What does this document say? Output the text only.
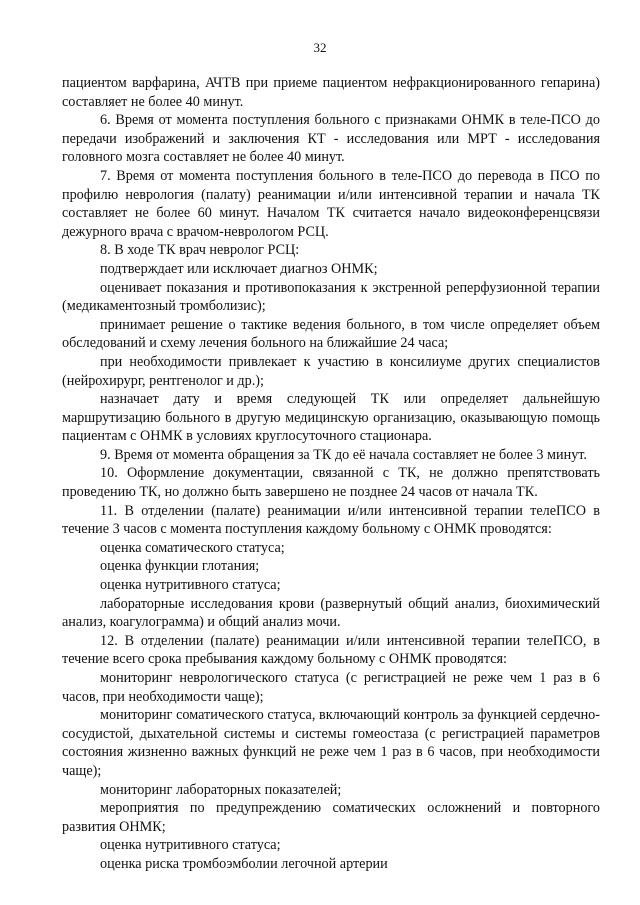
32

пациентом варфарина, АЧТВ при приеме пациентом нефракционированного гепарина) составляет не более 40 минут.

6. Время от момента поступления больного с признаками ОНМК в теле-ПСО до передачи изображений и заключения КТ - исследования или МРТ - исследования головного мозга составляет не более 40 минут.

7. Время от момента поступления больного в теле-ПСО до перевода в ПСО по профилю неврология (палату) реанимации и/или интенсивной терапии и начала ТК составляет не более 60 минут. Началом ТК считается начало видеоконференцсвязи дежурного врача с врачом-неврологом РСЦ.

8. В ходе ТК врач невролог РСЦ:

подтверждает или исключает диагноз ОНМК;

оценивает показания и противопоказания к экстренной реперфузионной терапии (медикаментозный тромболизис);

принимает решение о тактике ведения больного, в том числе определяет объем обследований и схему лечения больного на ближайшие 24 часа;

при необходимости привлекает к участию в консилиуме других специалистов (нейрохирург, рентгенолог и др.);

назначает дату и время следующей ТК или определяет дальнейшую маршрутизацию больного в другую медицинскую организацию, оказывающую помощь пациентам с ОНМК в условиях круглосуточного стационара.

9. Время от момента обращения за ТК до её начала составляет не более 3 минут.

10. Оформление документации, связанной с ТК, не должно препятствовать проведению ТК, но должно быть завершено не позднее 24 часов от начала ТК.

11. В отделении (палате) реанимации и/или интенсивной терапии телеПСО в течение 3 часов с момента поступления каждому больному с ОНМК проводятся:

оценка соматического статуса;

оценка функции глотания;

оценка нутритивного статуса;

лабораторные исследования крови (развернутый общий анализ, биохимический анализ, коагулограмма) и общий анализ мочи.

12. В отделении (палате) реанимации и/или интенсивной терапии телеПСО, в течение всего срока пребывания каждому больному с ОНМК проводятся:

мониторинг неврологического статуса (с регистрацией не реже чем 1 раз в 6 часов, при необходимости чаще);

мониторинг соматического статуса, включающий контроль за функцией сердечно-сосудистой, дыхательной системы и системы гомеостаза (с регистрацией параметров состояния жизненно важных функций не реже чем 1 раз в 6 часов, при необходимости чаще);

мониторинг лабораторных показателей;

мероприятия по предупреждению соматических осложнений и повторного развития ОНМК;

оценка нутритивного статуса;

оценка риска тромбоэмболии легочной артерии
